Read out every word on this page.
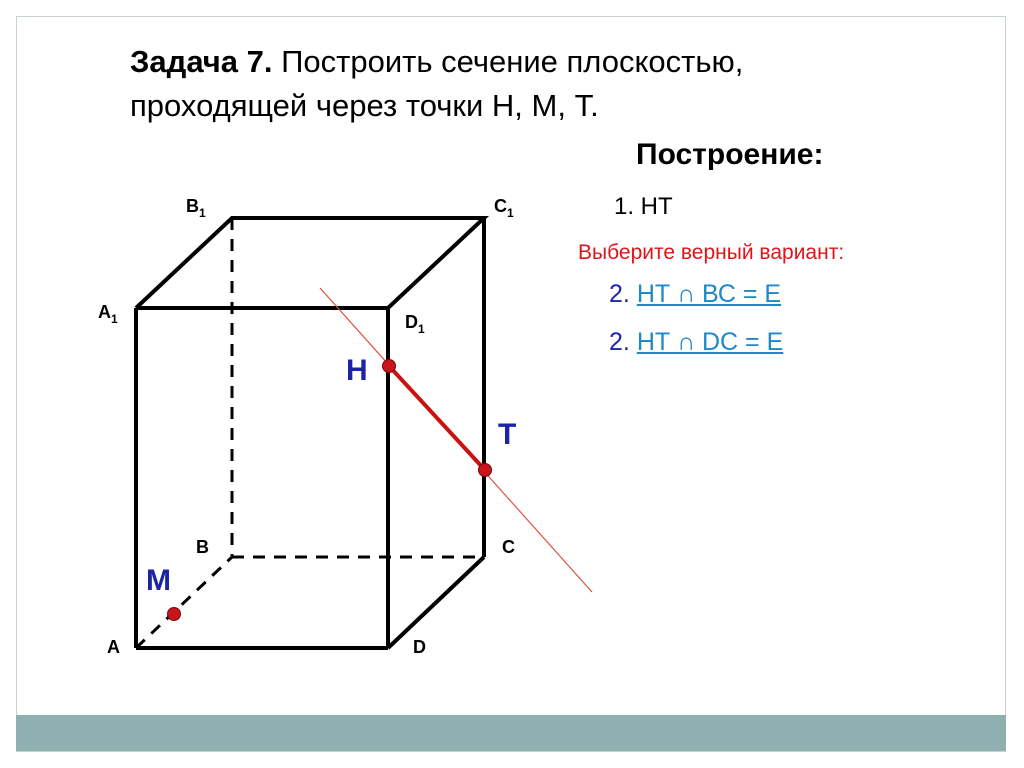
Задача 7. Построить сечение плоскостью,
проходящей через точки Н, М, Т.
Построение:
1. НТ
Выберите верный вариант:
2. НТ ∩ ВС = Е
2. НТ ∩ DC = Е
$В_1$	$С_1$
$А_1$	$D_1$
В	С
А	D
Н
Т
М
